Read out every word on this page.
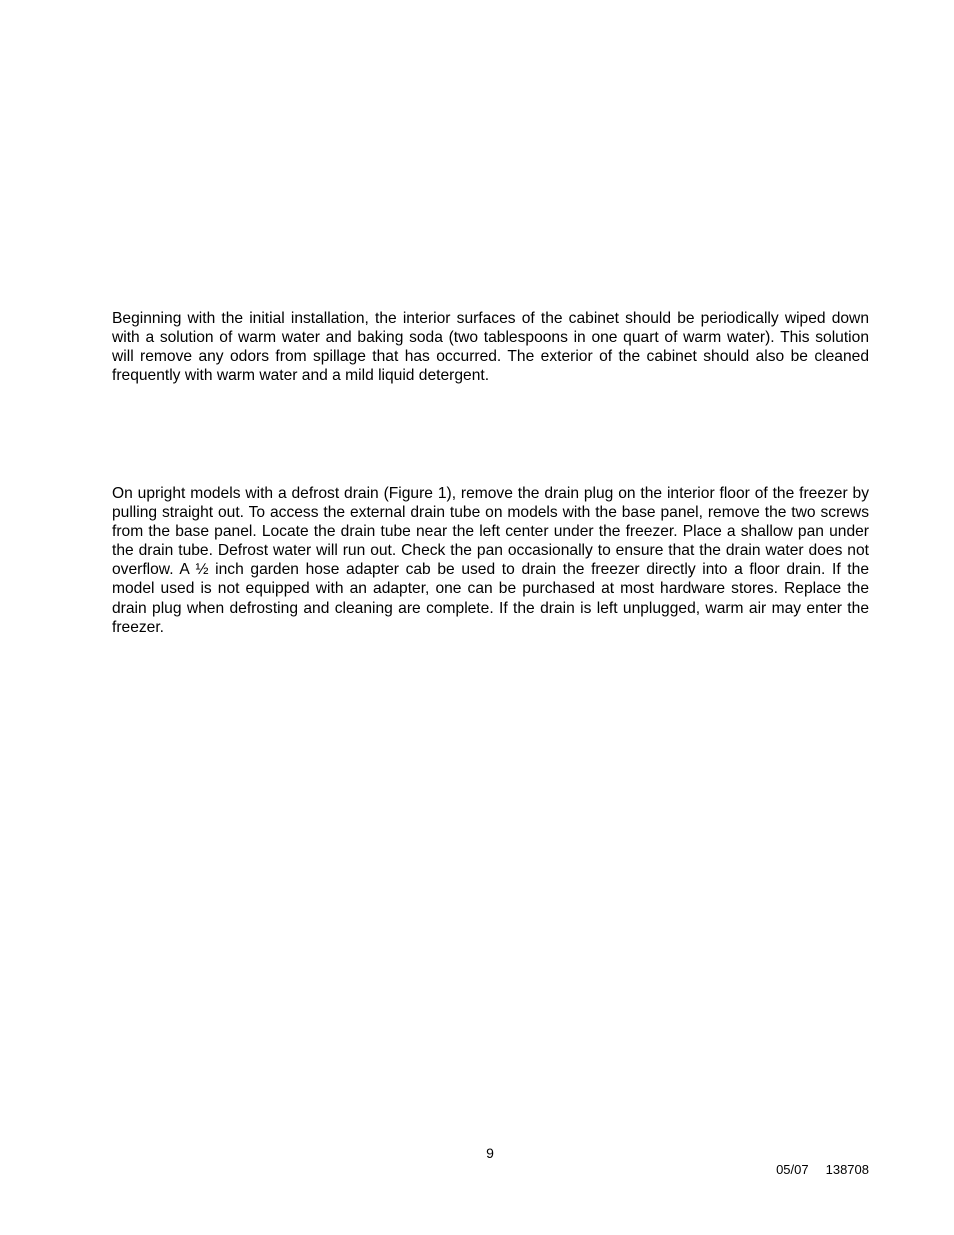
Beginning with the initial installation, the interior surfaces of the cabinet should be periodically wiped down with a solution of warm water and baking soda (two tablespoons in one quart of warm water). This solution will remove any odors from spillage that has occurred. The exterior of the cabinet should also be cleaned frequently with warm water and a mild liquid detergent.

On upright models with a defrost drain (Figure 1), remove the drain plug on the interior floor of the freezer by pulling straight out. To access the external drain tube on models with the base panel, remove the two screws from the base panel. Locate the drain tube near the left center under the freezer. Place a shallow pan under the drain tube. Defrost water will run out. Check the pan occasionally to ensure that the drain water does not overflow. A ½ inch garden hose adapter cab be used to drain the freezer directly into a floor drain. If the model used is not equipped with an adapter, one can be purchased at most hardware stores. Replace the drain plug when defrosting and cleaning are complete. If the drain is left unplugged, warm air may enter the freezer.

9
05/07 138708
